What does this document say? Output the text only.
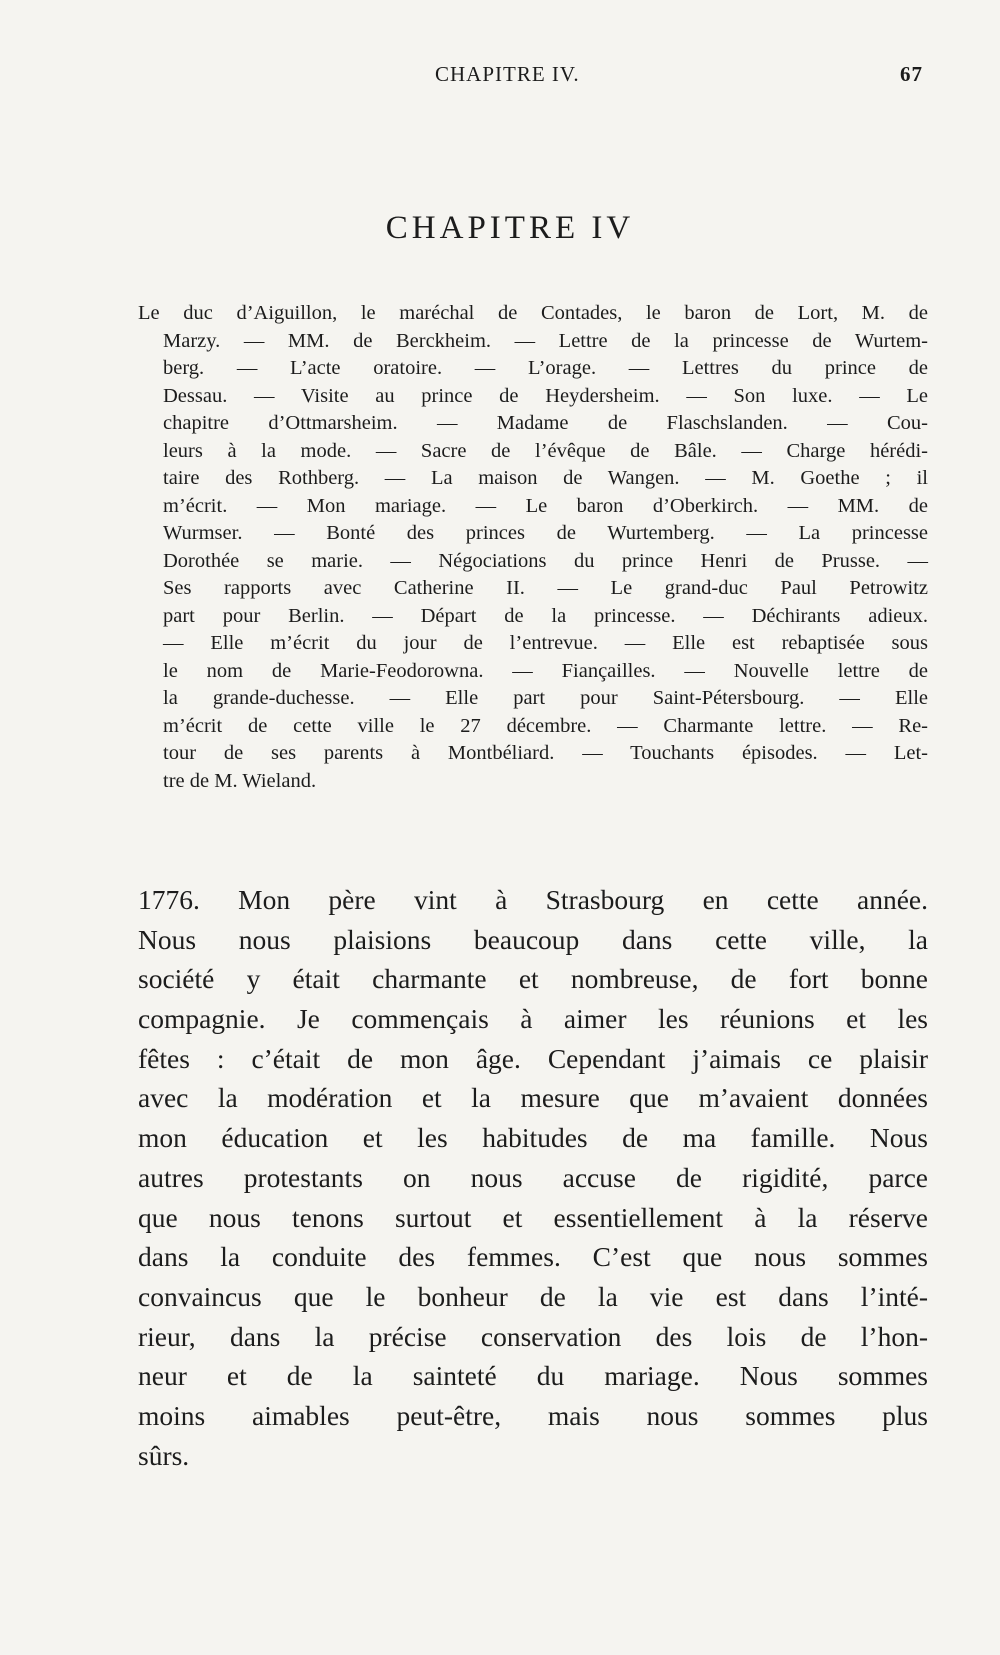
CHAPITRE IV.	67
CHAPITRE IV
Le duc d’Aiguillon, le maréchal de Contades, le baron de Lort, M. de
Marzy. — MM. de Berckheim. — Lettre de la princesse de Wurtem-
berg. — L’acte oratoire. — L’orage. — Lettres du prince de
Dessau. — Visite au prince de Heydersheim. — Son luxe. — Le
chapitre d’Ottmarsheim. — Madame de Flaschslanden. — Cou-
leurs à la mode. — Sacre de l’évêque de Bâle. — Charge hérédi-
taire des Rothberg. — La maison de Wangen. — M. Goethe ; il
m’écrit. — Mon mariage. — Le baron d’Oberkirch. — MM. de
Wurmser. — Bonté des princes de Wurtemberg. — La princesse
Dorothée se marie. — Négociations du prince Henri de Prusse. —
Ses rapports avec Catherine II. — Le grand-duc Paul Petrowitz
part pour Berlin. — Départ de la princesse. — Déchirants adieux.
— Elle m’écrit du jour de l’entrevue. — Elle est rebaptisée sous
le nom de Marie-Feodorowna. — Fiançailles. — Nouvelle lettre de
la grande-duchesse. — Elle part pour Saint-Pétersbourg. — Elle
m’écrit de cette ville le 27 décembre. — Charmante lettre. — Re-
tour de ses parents à Montbéliard. — Touchants épisodes. — Let-
tre de M. Wieland.
1776. Mon père vint à Strasbourg en cette année.
Nous nous plaisions beaucoup dans cette ville, la
société y était charmante et nombreuse, de fort bonne
compagnie. Je commençais à aimer les réunions et les
fêtes : c’était de mon âge. Cependant j’aimais ce plaisir
avec la modération et la mesure que m’avaient données
mon éducation et les habitudes de ma famille. Nous
autres protestants on nous accuse de rigidité, parce
que nous tenons surtout et essentiellement à la réserve
dans la conduite des femmes. C’est que nous sommes
convaincus que le bonheur de la vie est dans l’inté-
rieur, dans la précise conservation des lois de l’hon-
neur et de la sainteté du mariage. Nous sommes
moins aimables peut-être, mais nous sommes plus
sûrs.
